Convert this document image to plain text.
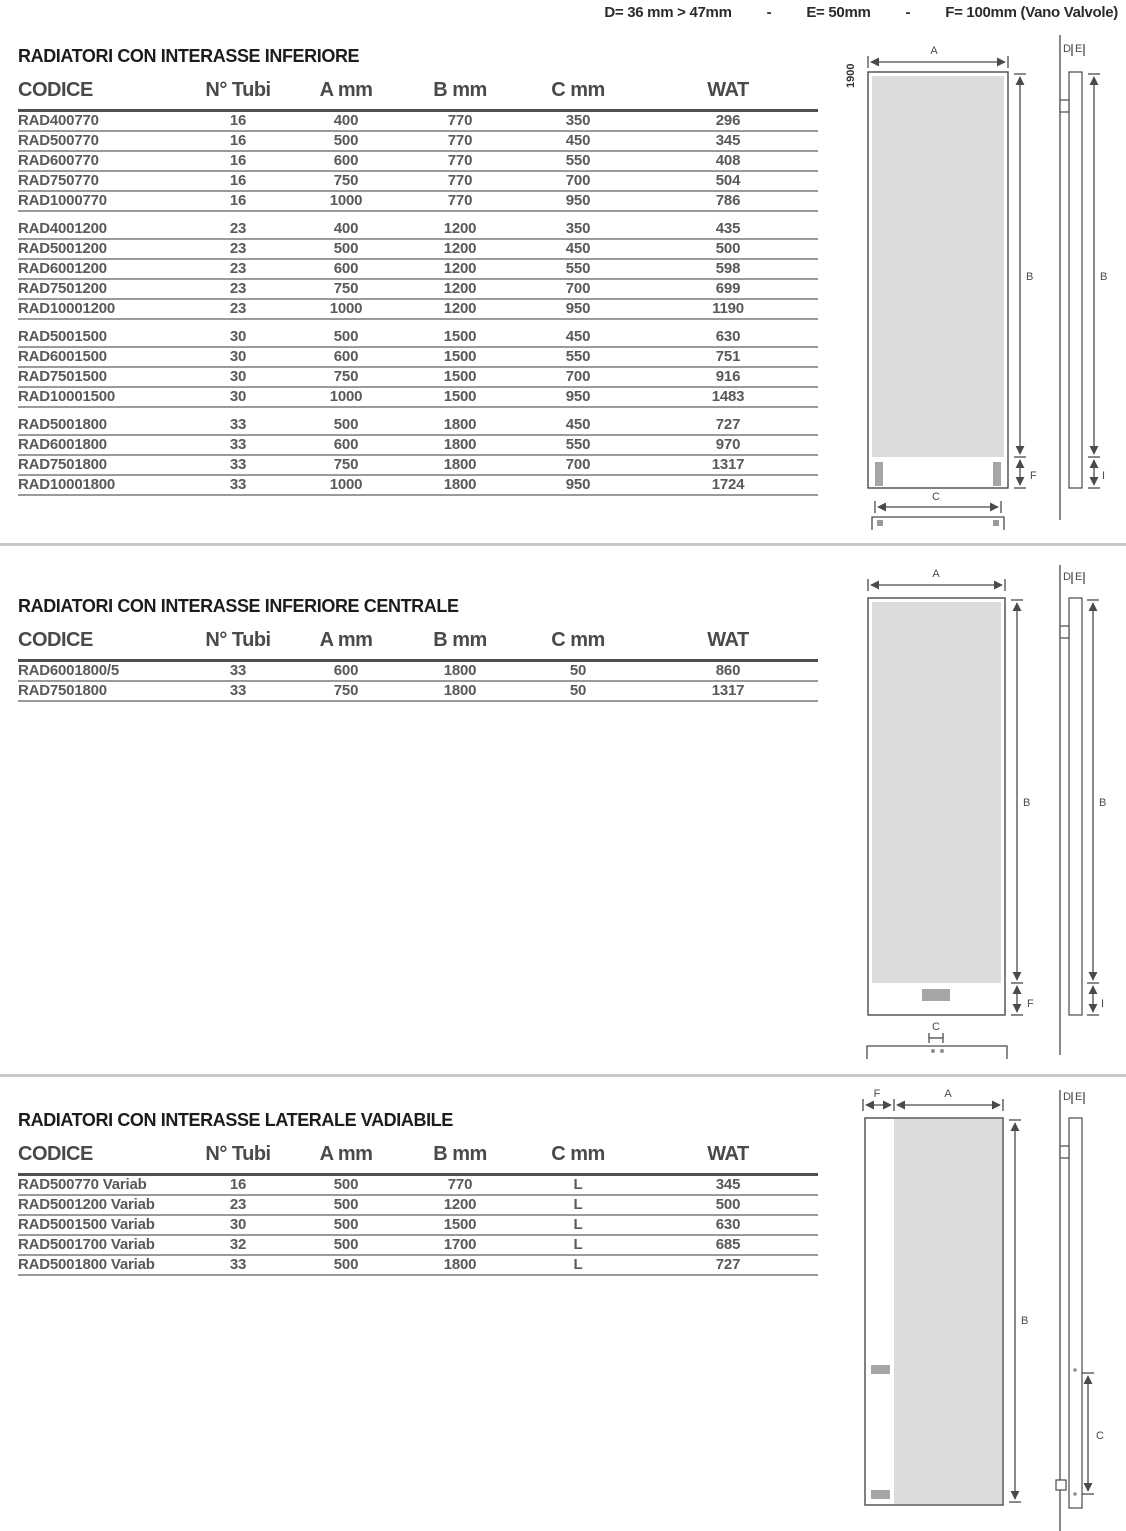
D= 36 mm > 47mm - E= 50mm - F= 100mm (Vano Valvole)
RADIATORI CON INTERASSE INFERIORE
CODICE	N° Tubi	A mm	B mm	C mm	WAT
RAD400770	16	400	770	350	296
RAD500770	16	500	770	450	345
RAD600770	16	600	770	550	408
RAD750770	16	750	770	700	504
RAD1000770	16	1000	770	950	786

RAD4001200	23	400	1200	350	435
RAD5001200	23	500	1200	450	500
RAD6001200	23	600	1200	550	598
RAD7501200	23	750	1200	700	699
RAD10001200	23	1000	1200	950	1190

RAD5001500	30	500	1500	450	630
RAD6001500	30	600	1500	550	751
RAD7501500	30	750	1500	700	916
RAD10001500	30	1000	1500	950	1483

RAD5001800	33	500	1800	450	727
RAD6001800	33	600	1800	550	970
RAD7501800	33	750	1800	700	1317
RAD10001800	33	1000	1800	950	1724
RADIATORI CON INTERASSE INFERIORE CENTRALE
CODICE	N° Tubi	A mm	B mm	C mm	WAT
RAD6001800/5	33	600	1800	50	860
RAD7501800	33	750	1800	50	1317
RADIATORI CON INTERASSE LATERALE VADIABILE
CODICE	N° Tubi	A mm	B mm	C mm	WAT
RAD500770 Variab	16	500	770	L	345
RAD5001200 Variab	23	500	1200	L	500
RAD5001500 Variab	30	500	1500	L	630
RAD5001700 Variab	32	500	1700	L	685
RAD5001800 Variab	33	500	1800	L	727
A
1900
B
F
C
D E
B
I
A
B
F
C
D E
B
I
F	A
B
D E
C
